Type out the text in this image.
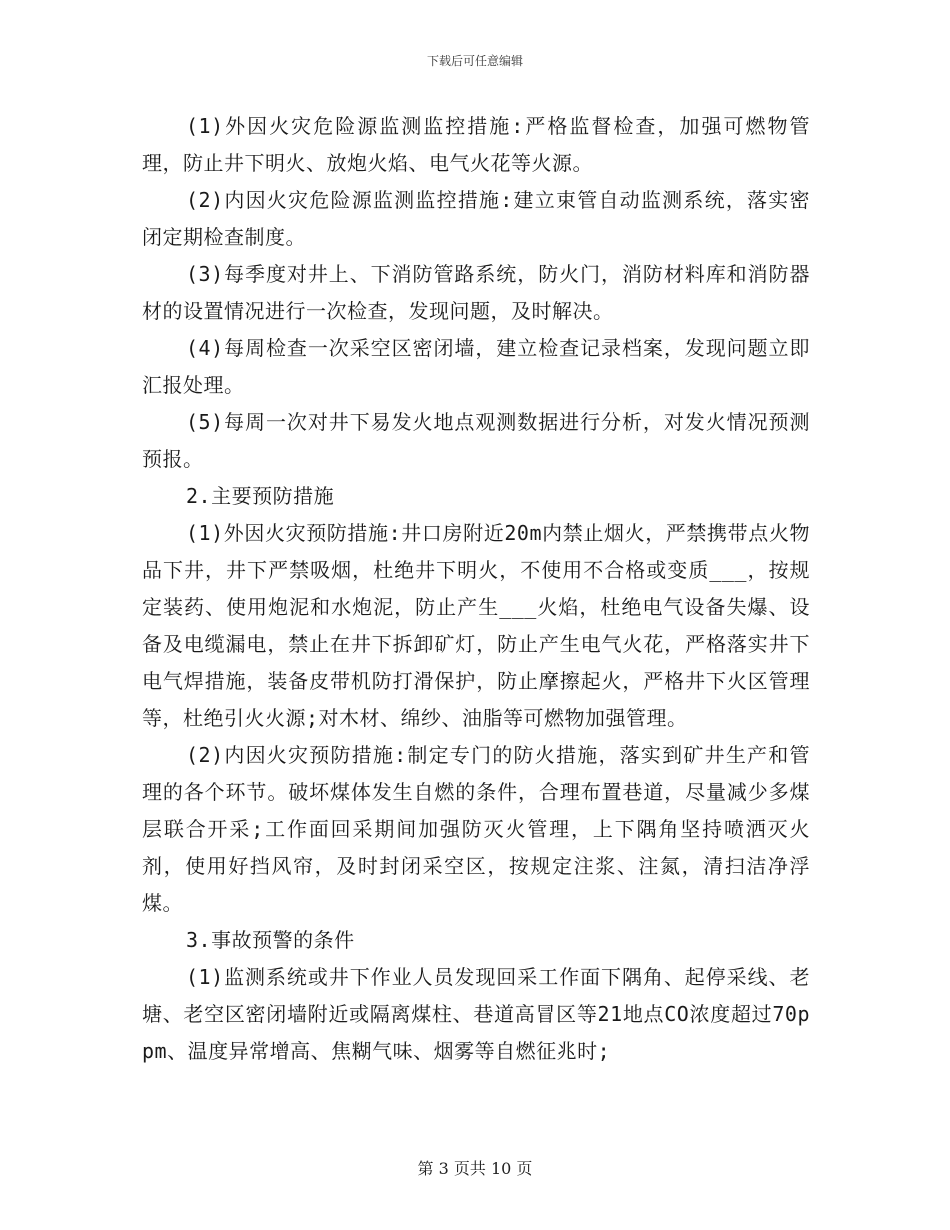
下载后可任意编辑

(1)外因火灾危险源监测监控措施:严格监督检查，加强可燃物管理，防止井下明火、放炮火焰、电气火花等火源。

(2)内因火灾危险源监测监控措施:建立束管自动监测系统，落实密闭定期检查制度。

(3)每季度对井上、下消防管路系统，防火门，消防材料库和消防器材的设置情况进行一次检查，发现问题，及时解决。

(4)每周检查一次采空区密闭墙，建立检查记录档案，发现问题立即汇报处理。

(5)每周一次对井下易发火地点观测数据进行分析，对发火情况预测预报。

2.主要预防措施

(1)外因火灾预防措施:井口房附近20m内禁止烟火，严禁携带点火物品下井，井下严禁吸烟，杜绝井下明火，不使用不合格或变质___，按规定装药、使用炮泥和水炮泥，防止产生___火焰，杜绝电气设备失爆、设备及电缆漏电，禁止在井下拆卸矿灯，防止产生电气火花，严格落实井下电气焊措施，装备皮带机防打滑保护，防止摩擦起火，严格井下火区管理等，杜绝引火火源;对木材、绵纱、油脂等可燃物加强管理。

(2)内因火灾预防措施:制定专门的防火措施，落实到矿井生产和管理的各个环节。破坏煤体发生自燃的条件，合理布置巷道，尽量减少多煤层联合开采;工作面回采期间加强防灭火管理，上下隅角坚持喷洒灭火剂，使用好挡风帘，及时封闭采空区，按规定注浆、注氮，清扫洁净浮煤。

3.事故预警的条件

(1)监测系统或井下作业人员发现回采工作面下隅角、起停采线、老塘、老空区密闭墙附近或隔离煤柱、巷道高冒区等21地点CO浓度超过70ppm、温度异常增高、焦糊气味、烟雾等自燃征兆时;

第 3 页共 10 页
